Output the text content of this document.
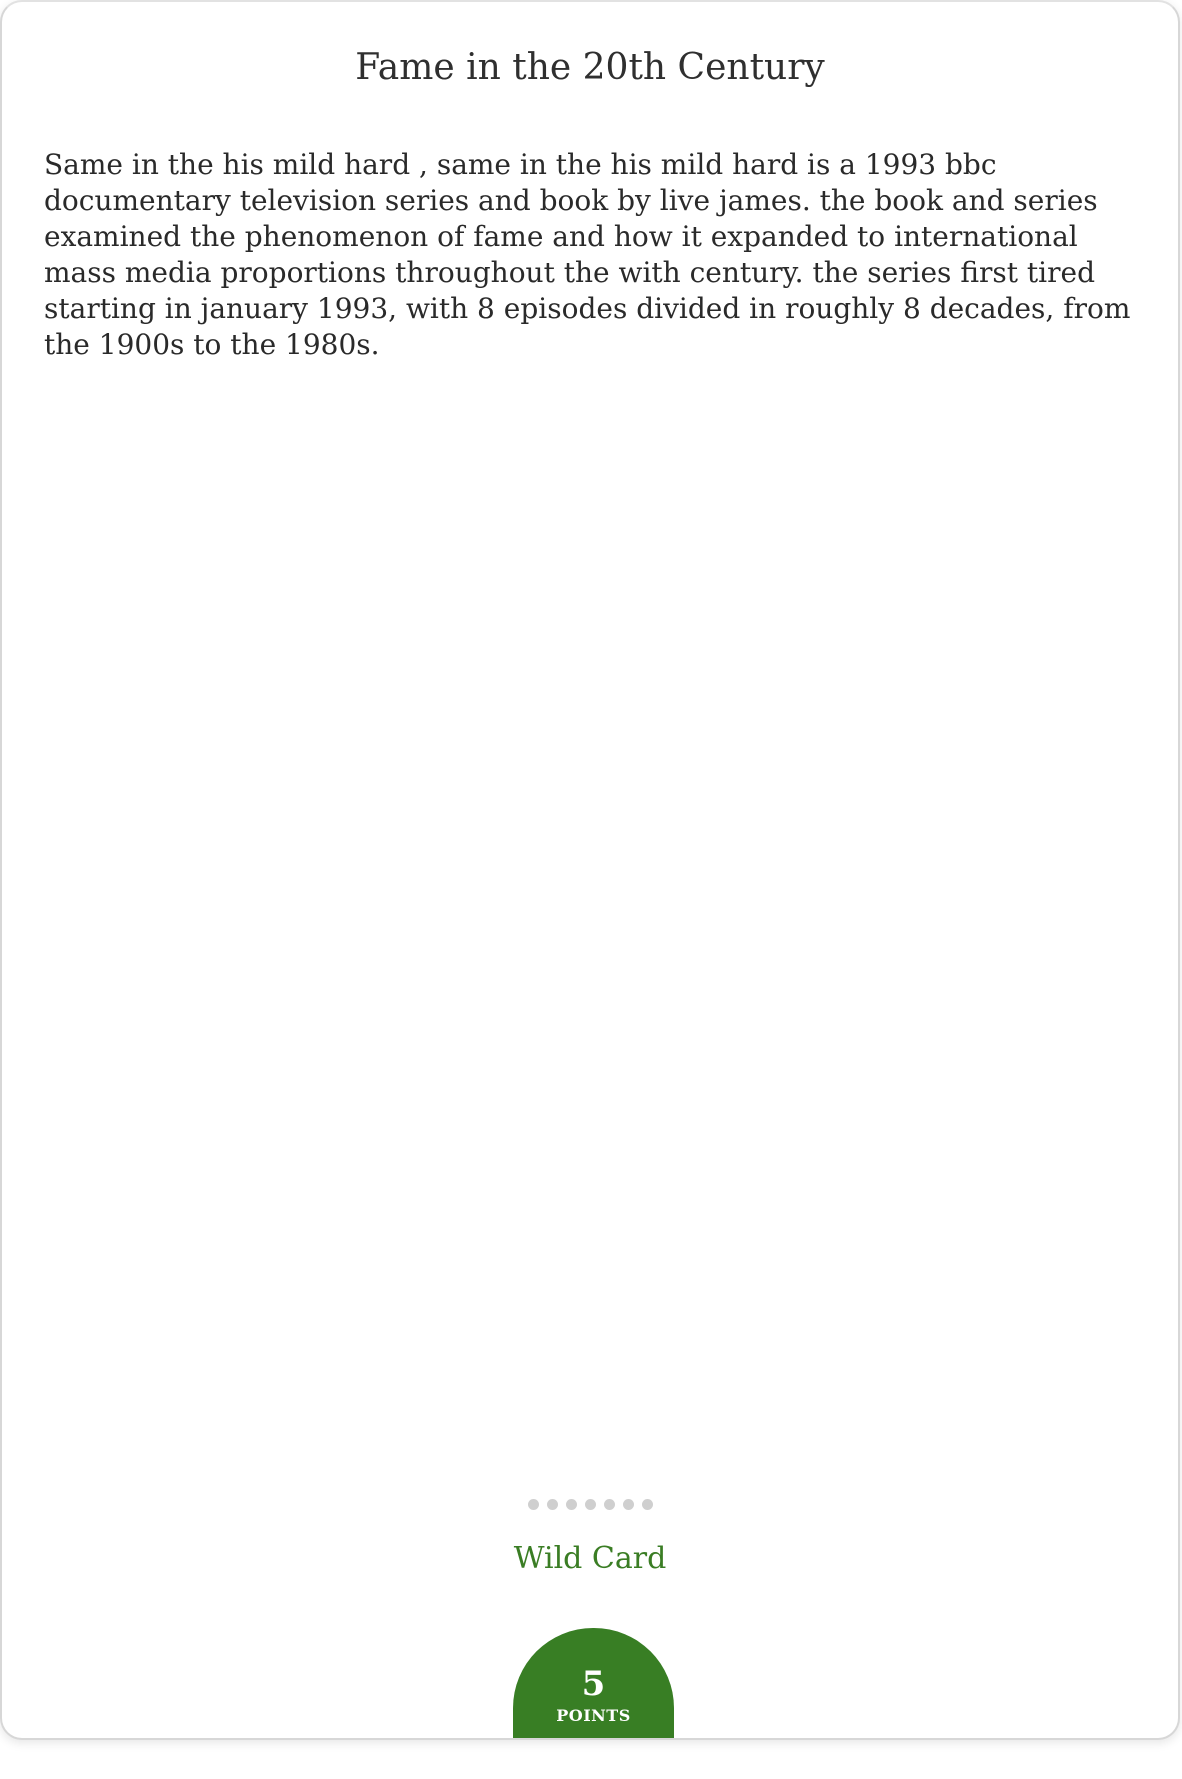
Fame in the 20th Century

Same in the his mild hard , same in the his mild hard is a 1993 bbc documentary television series and book by live james. the book and series examined the phenomenon of fame and how it expanded to international mass media proportions throughout the with century. the series first tired starting in january 1993, with 8 episodes divided in roughly 8 decades, from the 1900s to the 1980s.

Wild Card
5
POINTS
